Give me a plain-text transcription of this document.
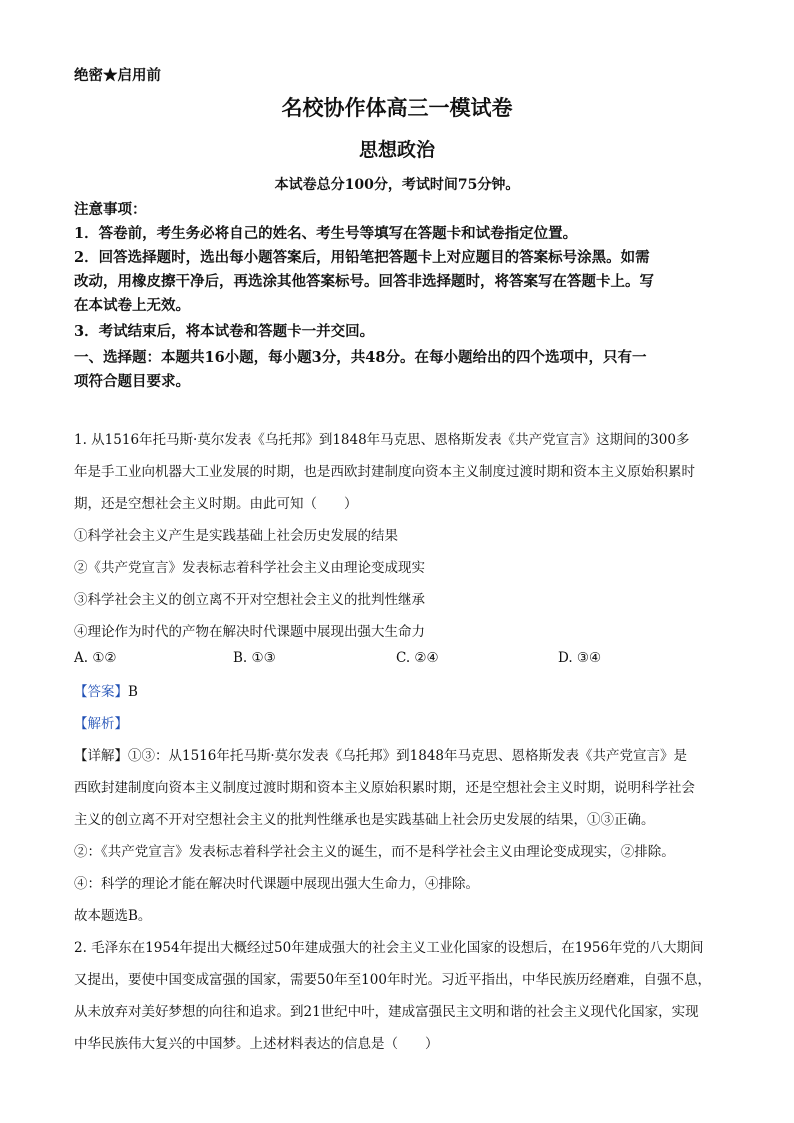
绝密★启用前
名校协作体高三一模试卷
思想政治
本试卷总分100分，考试时间75分钟。
注意事项：
1．答卷前，考生务必将自己的姓名、考生号等填写在答题卡和试卷指定位置。
2．回答选择题时，选出每小题答案后，用铅笔把答题卡上对应题目的答案标号涂黑。如需
改动，用橡皮擦干净后，再选涂其他答案标号。回答非选择题时，将答案写在答题卡上。写
在本试卷上无效。
3．考试结束后，将本试卷和答题卡一并交回。
一、选择题：本题共16小题，每小题3分，共48分。在每小题给出的四个选项中，只有一
项符合题目要求。
1. 从1516年托马斯·莫尔发表《乌托邦》到1848年马克思、恩格斯发表《共产党宣言》这期间的300多
年是手工业向机器大工业发展的时期，也是西欧封建制度向资本主义制度过渡时期和资本主义原始积累时
期，还是空想社会主义时期。由此可知（　　）
①科学社会主义产生是实践基础上社会历史发展的结果
②《共产党宣言》发表标志着科学社会主义由理论变成现实
③科学社会主义的创立离不开对空想社会主义的批判性继承
④理论作为时代的产物在解决时代课题中展现出强大生命力
A. ①②	B. ①③	C. ②④	D. ③④
【答案】B
【解析】
【详解】①③：从1516年托马斯·莫尔发表《乌托邦》到1848年马克思、恩格斯发表《共产党宣言》是
西欧封建制度向资本主义制度过渡时期和资本主义原始积累时期，还是空想社会主义时期，说明科学社会
主义的创立离不开对空想社会主义的批判性继承也是实践基础上社会历史发展的结果，①③正确。
②：《共产党宣言》发表标志着科学社会主义的诞生，而不是科学社会主义由理论变成现实，②排除。
④：科学的理论才能在解决时代课题中展现出强大生命力，④排除。
故本题选B。
2. 毛泽东在1954年提出大概经过50年建成强大的社会主义工业化国家的设想后，在1956年党的八大期间
又提出，要使中国变成富强的国家，需要50年至100年时光。习近平指出，中华民族历经磨难，自强不息，
从未放弃对美好梦想的向往和追求。到21世纪中叶，建成富强民主文明和谐的社会主义现代化国家，实现
中华民族伟大复兴的中国梦。上述材料表达的信息是（　　）
